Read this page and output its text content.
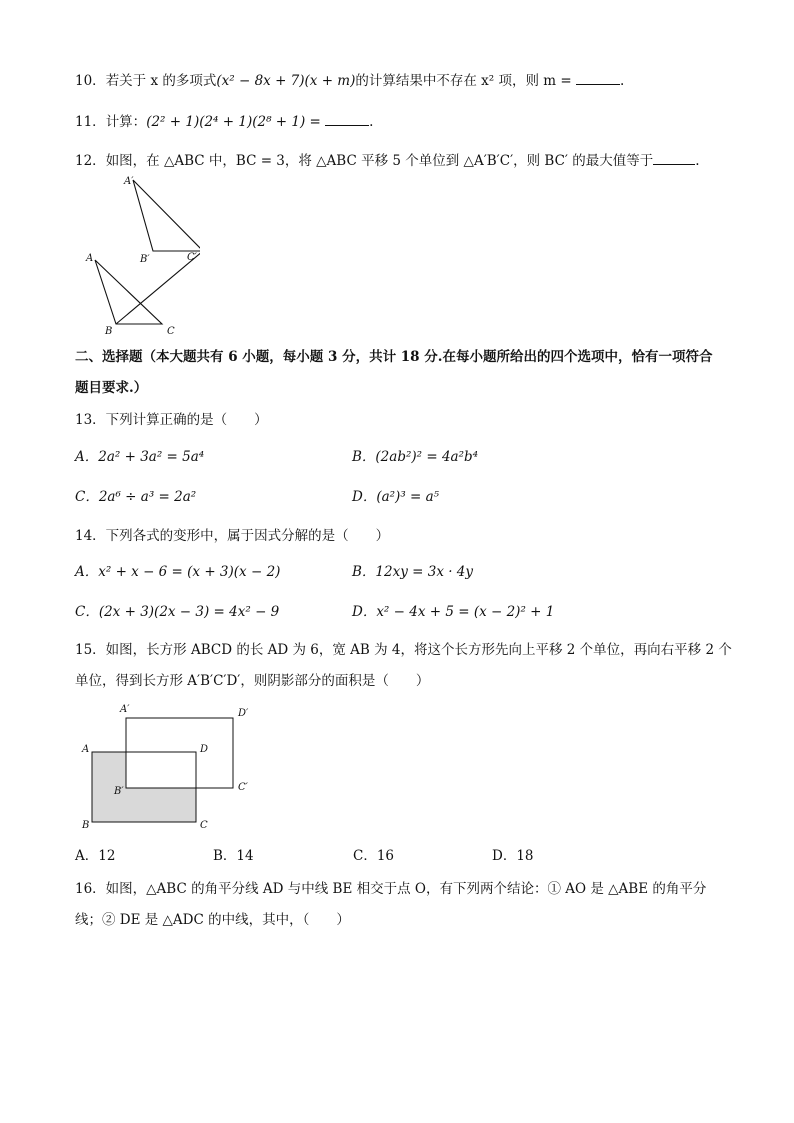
10．若关于 x 的多项式(x² − 8x + 7)(x + m)的计算结果中不存在 x² 项，则 m =	.
11．计算：(2² + 1)(2⁴ + 1)(2⁸ + 1) =	.
12．如图，在 △ABC 中，BC = 3，将 △ABC 平移 5 个单位到 △A′B′C′，则 BC′ 的最大值等于	.
A′
B′	C′
A
B	C
二、选择题（本大题共有 6 小题，每小题 3 分，共计 18 分.在每小题所给出的四个选项中，恰有一项符合
题目要求.）
13．下列计算正确的是（　　）
A．2a² + 3a² = 5a⁴	B．(2ab²)² = 4a²b⁴
C．2a⁶ ÷ a³ = 2a²	D．(a²)³ = a⁵
14．下列各式的变形中，属于因式分解的是（　　）
A．x² + x − 6 = (x + 3)(x − 2)	B．12xy = 3x · 4y
C．(2x + 3)(2x − 3) = 4x² − 9	D．x² − 4x + 5 = (x − 2)² + 1
15．如图，长方形 ABCD 的长 AD 为 6，宽 AB 为 4，将这个长方形先向上平移 2 个单位，再向右平移 2 个
单位，得到长方形 A′B′C′D′，则阴影部分的面积是（　　）
A′	D′
A	D
B′	C′
B	C
A．12	B．14	C．16	D．18
16．如图，△ABC 的角平分线 AD 与中线 BE 相交于点 O，有下列两个结论：① AO 是 △ABE 的角平分
线；② DE 是 △ADC 的中线，其中，（　　）
